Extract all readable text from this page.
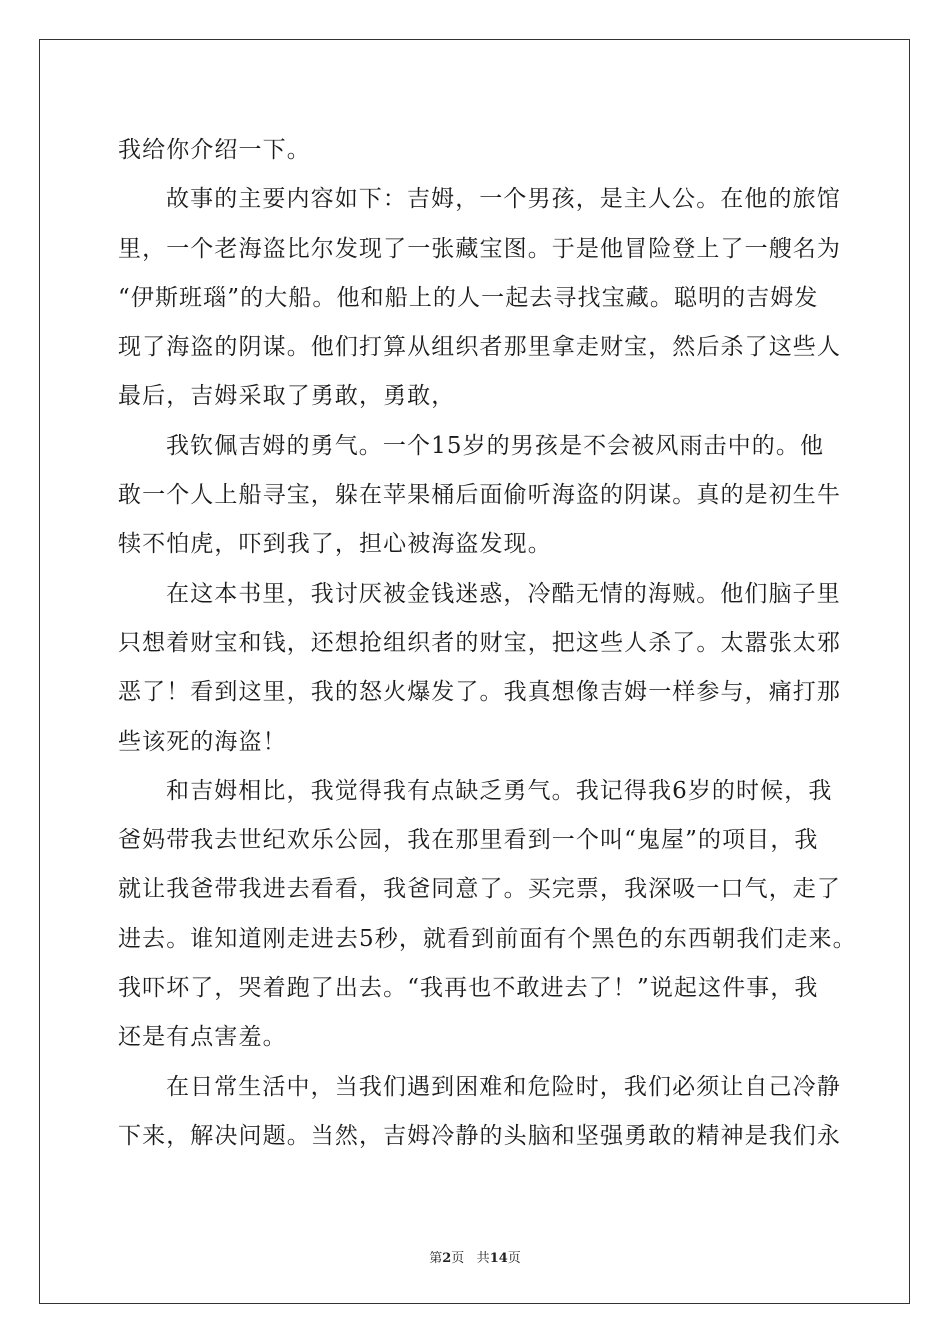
我给你介绍一下。
故事的主要内容如下：吉姆，一个男孩，是主人公。在他的旅馆
里，一个老海盗比尔发现了一张藏宝图。于是他冒险登上了一艘名为
“伊斯班瑙”的大船。他和船上的人一起去寻找宝藏。聪明的吉姆发
现了海盗的阴谋。他们打算从组织者那里拿走财宝，然后杀了这些人
最后，吉姆采取了勇敢，勇敢，
我钦佩吉姆的勇气。一个15岁的男孩是不会被风雨击中的。他
敢一个人上船寻宝，躲在苹果桶后面偷听海盗的阴谋。真的是初生牛
犊不怕虎，吓到我了，担心被海盗发现。
在这本书里，我讨厌被金钱迷惑，冷酷无情的海贼。他们脑子里
只想着财宝和钱，还想抢组织者的财宝，把这些人杀了。太嚣张太邪
恶了！看到这里，我的怒火爆发了。我真想像吉姆一样参与，痛打那
些该死的海盗！
和吉姆相比，我觉得我有点缺乏勇气。我记得我6岁的时候，我
爸妈带我去世纪欢乐公园，我在那里看到一个叫“鬼屋”的项目，我
就让我爸带我进去看看，我爸同意了。买完票，我深吸一口气，走了
进去。谁知道刚走进去5秒，就看到前面有个黑色的东西朝我们走来。
我吓坏了，哭着跑了出去。“我再也不敢进去了！”说起这件事，我
还是有点害羞。
在日常生活中，当我们遇到困难和危险时，我们必须让自己冷静
下来，解决问题。当然，吉姆冷静的头脑和坚强勇敢的精神是我们永
第2页 共14页
